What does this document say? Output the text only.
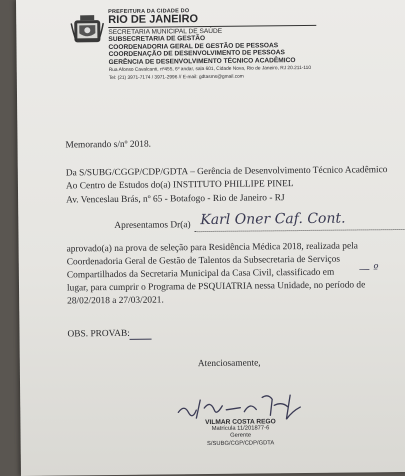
PREFEITURA DA CIDADE DO
RIO DE JANEIRO
SECRETARIA MUNICIPAL DE SAÚDE
SUBSECRETARIA DE GESTÃO
COORDENADORIA GERAL DE GESTÃO DE PESSOAS
COORDENAÇÃO DE DESENVOLVIMENTO DE PESSOAS
GERÊNCIA DE DESENVOLVIMENTO TÉCNICO ACADÊMICO
Rua Afonso Cavalcanti, nº455, 6º andar, sala 601, Cidade Nova, Rio de Janeiro, RJ 20.211-110
Tel: (21) 3971-7174 / 3971-2996 // E-mail: gdtasms@gmail.com
Memorando s/nº 2018.
Da S/SUBG/CGGP/CDP/GDTA – Gerência de Desenvolvimento Técnico Acadêmico
Ao Centro de Estudos do(a) INSTITUTO PHILLIPE PINEL
Av. Venceslau Brás, nº 65 - Botafogo - Rio de Janeiro - RJ
Apresentamos Dr(a) Karl Oner Caf. Cont.
aprovado(a) na prova de seleção para Residência Médica 2018, realizada pela
Coordenadoria Geral de Gestão de Talentos da Subsecretaria de Serviços
Compartilhados da Secretaria Municipal da Casa Civil, classificado em — º
lugar, para cumprir o Programa de PSQUIATRIA nessa Unidade, no período de
28/02/2018 a 27/03/2021.
OBS. PROVAB:
Atenciosamente,
VILMAR COSTA REGO
Matrícula 11/201877-6
Gerente
S/SUBG/CGP/CDP/GDTA
